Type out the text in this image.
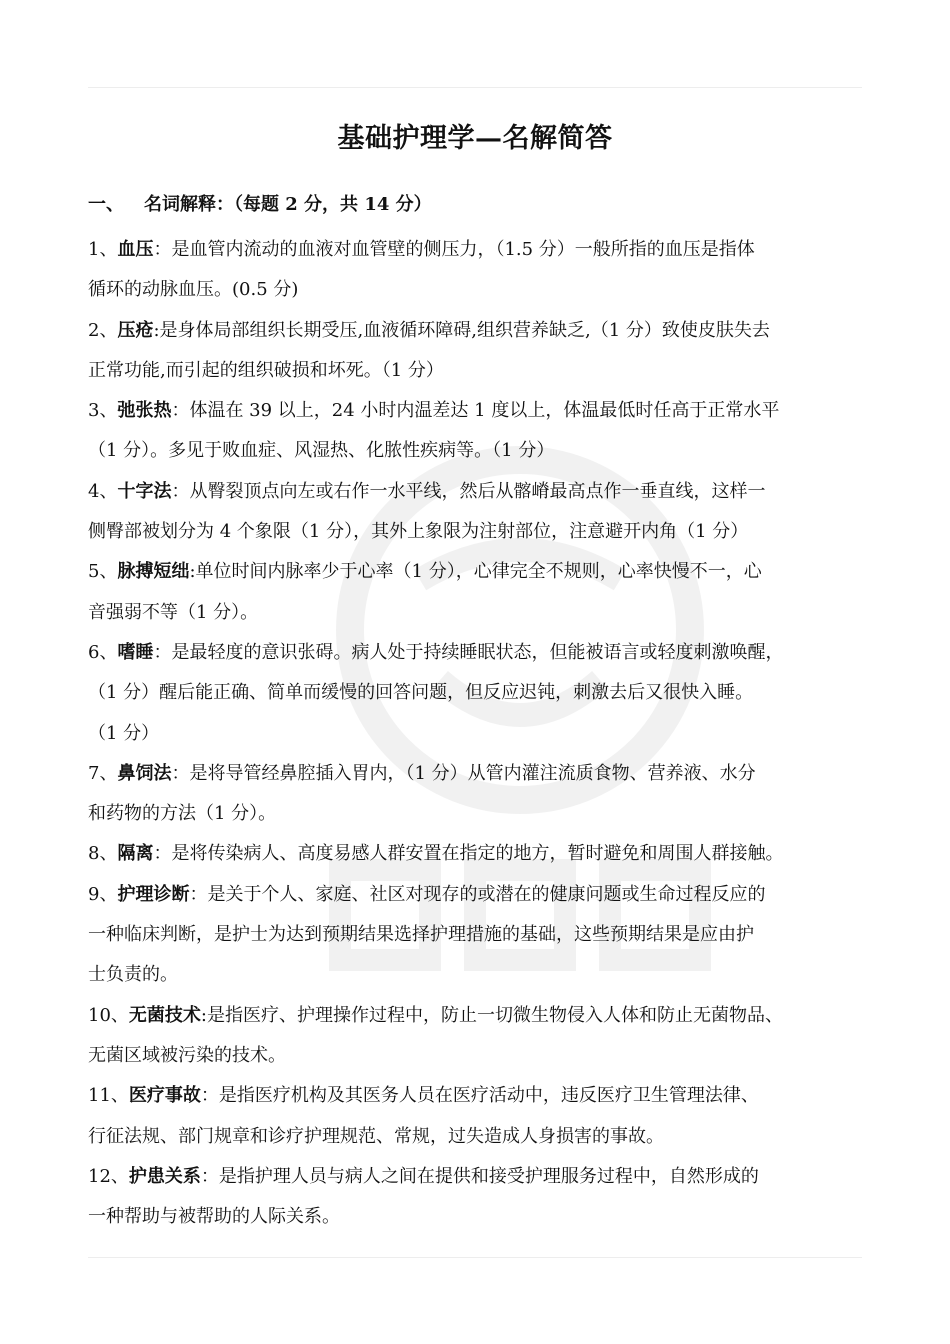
基础护理学—名解简答
一、 名词解释：（每题 2 分，共 14 分）
1、血压：是血管内流动的血液对血管壁的侧压力，（1.5 分）一般所指的血压是指体
循环的动脉血压。(0.5 分)
2、压疮:是身体局部组织长期受压,血液循环障碍,组织营养缺乏,（1 分）致使皮肤失去
正常功能,而引起的组织破损和坏死。（1 分）
3、弛张热：体温在 39 以上，24 小时内温差达 1 度以上，体温最低时任高于正常水平
（1 分）。多见于败血症、风湿热、化脓性疾病等。（1 分）
4、十字法：从臀裂顶点向左或右作一水平线，然后从髂嵴最高点作一垂直线，这样一
侧臀部被划分为 4 个象限（1 分），其外上象限为注射部位，注意避开内角（1 分）
5、脉搏短绌:单位时间内脉率少于心率（1 分），心律完全不规则，心率快慢不一，心
音强弱不等（1 分）。
6、嗜睡：是最轻度的意识张碍。病人处于持续睡眠状态，但能被语言或轻度刺激唤醒，
（1 分）醒后能正确、简单而缓慢的回答问题，但反应迟钝，刺激去后又很快入睡。
（1 分）
7、鼻饲法：是将导管经鼻腔插入胃内，（1 分）从管内灌注流质食物、营养液、水分
和药物的方法（1 分）。
8、隔离：是将传染病人、高度易感人群安置在指定的地方，暂时避免和周围人群接触。
9、护理诊断：是关于个人、家庭、社区对现存的或潜在的健康问题或生命过程反应的
一种临床判断，是护士为达到预期结果选择护理措施的基础，这些预期结果是应由护
士负责的。
10、无菌技术:是指医疗、护理操作过程中，防止一切微生物侵入人体和防止无菌物品、
无菌区域被污染的技术。
11、医疗事故：是指医疗机构及其医务人员在医疗活动中，违反医疗卫生管理法律、
行征法规、部门规章和诊疗护理规范、常规，过失造成人身损害的事故。
12、护患关系：是指护理人员与病人之间在提供和接受护理服务过程中，自然形成的
一种帮助与被帮助的人际关系。
